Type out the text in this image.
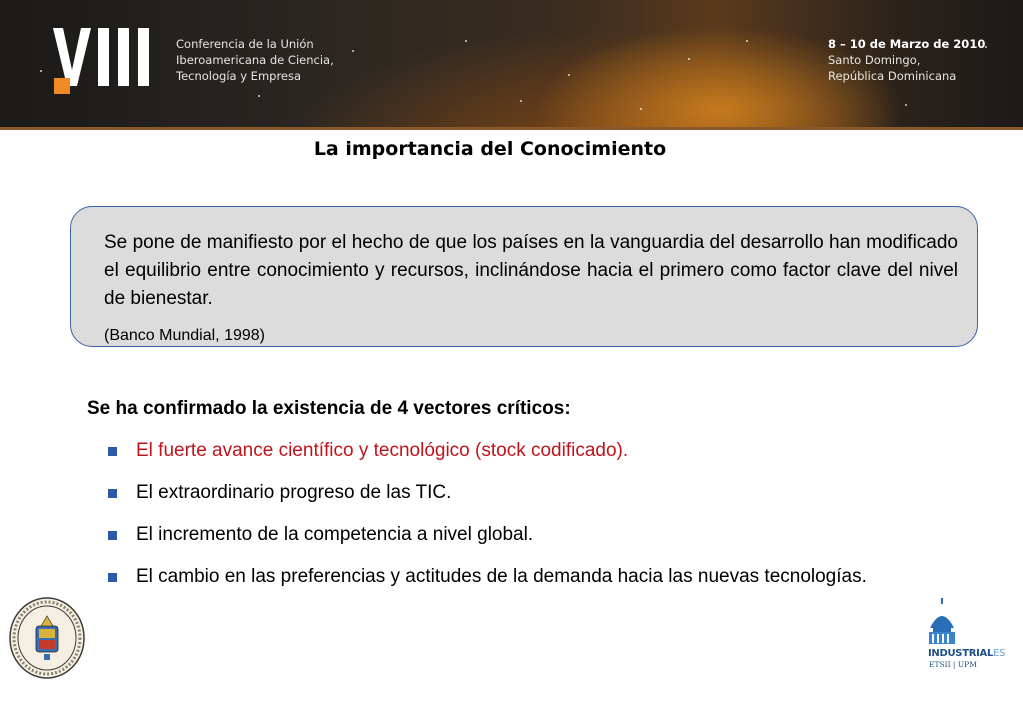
Conferencia de la Unión
Iberoamericana de Ciencia,
Tecnología y Empresa
8 – 10 de Marzo de 2010
Santo Domingo,
República Dominicana
La importancia del Conocimiento
Se pone de manifiesto por el hecho de que los países en la vanguardia del desarrollo han modificado el equilibrio entre conocimiento y recursos, inclinándose hacia el primero como factor clave del nivel de bienestar.
(Banco Mundial, 1998)
Se ha confirmado la existencia de 4 vectores críticos:
El fuerte avance científico y tecnológico (stock codificado).
El extraordinario progreso de las TIC.
El incremento de la competencia a nivel global.
El cambio en las preferencias y actitudes de la demanda hacia las nuevas tecnologías.
INDUSTRIALES
ETSII | UPM
